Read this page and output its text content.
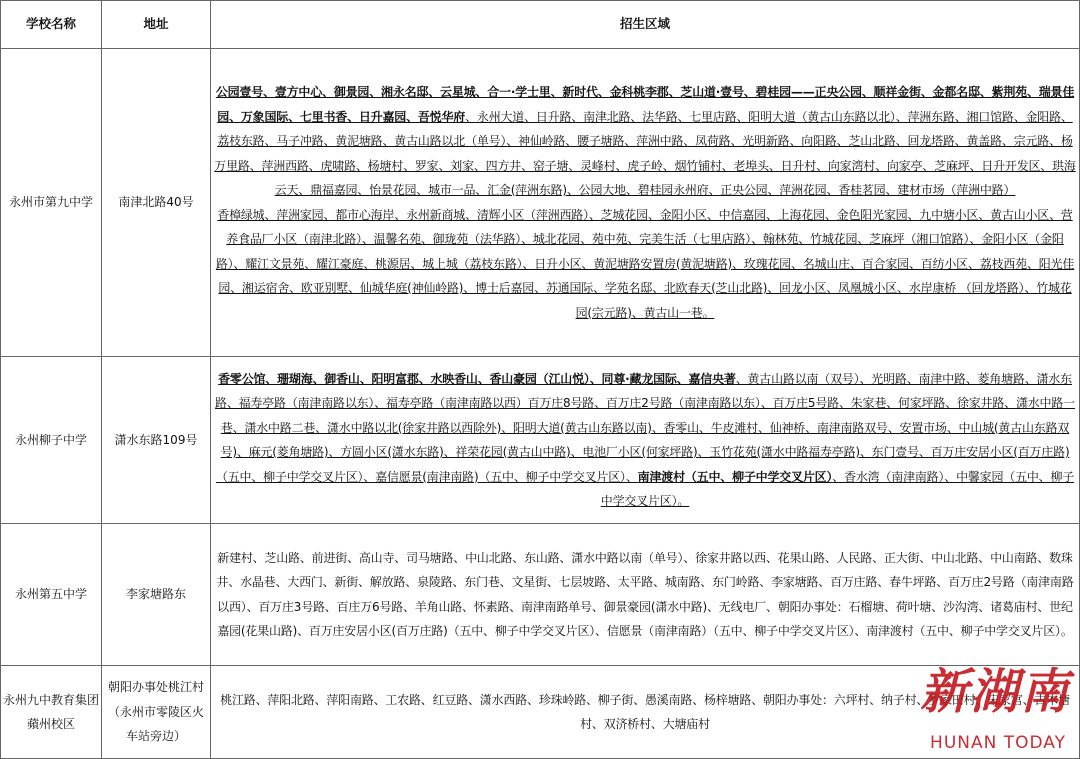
学校名称	地址	招生区域
永州市第九中学	南津北路40号	公园壹号、壹方中心、御景园、湘永名邸、云星城、合一·学士里、新时代、金科桃李郡、芝山道·壹号、碧桂园——正央公园、顺祥金街、金都名邸、紫荆苑、瑞景佳园、万象国际、七里书香、日升嘉园、吾悦华府、永州大道、日升路、南津北路、法华路、七里店路、阳明大道（黄古山东路以北）、萍洲东路、湘口馆路、金阳路、荔枝东路、马子冲路、黄泥塘路、黄古山路以北（单号）、神仙岭路、腰子塘路、萍洲中路、凤荷路、光明新路、向阳路、芝山北路、回龙塔路、黄盖路、宗元路、杨万里路、萍洲西路、虎啸路、杨塘村、罗家、刘家、四方井、窑子塘、灵峰村、虎子岭、烟竹铺村、老埠头、日升村、向家湾村、向家亭、芝麻坪、日升开发区、珙海云天、鼎福嘉园、怡景花园、城市一品、汇金(萍洲东路)、公园大地、碧桂园永州府、正央公园、萍洲花园、香桂茗园、建材市场（萍洲中路）

香樟绿城、萍洲家园、都市心海岸、永州新商城、清辉小区（萍洲西路）、芝城花园、金阳小区、中信嘉园、上海花园、金色阳光家园、九中塘小区、黄古山小区、营养食品厂小区（南津北路）、温馨名苑、御珑苑（法华路）、城北花园、苑中苑、完美生活（七里店路）、翰林苑、竹城花园、芝麻坪（湘口馆路）、金阳小区（金阳路）、耀江文景苑、耀江豪庭、桃源居、城上城（荔枝东路）、日升小区、黄泥塘路安置房(黄泥塘路)、玫瑰花园、名城山庄、百合家园、百纺小区、荔枝西苑、阳光佳园、湘运宿舍、欧亚别墅、仙城华庭(神仙岭路)、博士后嘉园、苏通国际、学苑名邸、北欧春天(芝山北路)、回龙小区、凤凰城小区、水岸康桥 （回龙塔路）、竹城花园(宗元路)、黄古山一巷。

永州柳子中学	潇水东路109号	香零公馆、珊瑚海、御香山、阳明富郡、水映香山、香山豪园（江山悦）、同尊·藏龙国际、嘉信央著、黄古山路以南（双号）、光明路、南津中路、菱角塘路、潇水东路、福寿亭路（南津南路以东）、福寿亭路（南津南路以西）百万庄8号路、百万庄2号路（南津南路以东）、百万庄5号路、朱家巷、何家坪路、徐家井路、潇水中路一巷、潇水中路二巷、潇水中路以北(徐家井路以西除外)、阳明大道(黄古山东路以南)、香零山、牛皮滩村、仙神桥、南津南路双号、安置市场、中山城(黄古山东路双号)、麻元(菱角塘路)、方圆小区(潇水东路)、祥荣花园(黄古山中路)、电池厂小区(何家坪路)、玉竹花苑(潇水中路福寿亭路)、东门壹号、百万庄安居小区(百万庄路)（五中、柳子中学交叉片区）、嘉信愿景(南津南路)（五中、柳子中学交叉片区）、南津渡村（五中、柳子中学交叉片区）、香水湾（南津南路）、中馨家园（五中、柳子中学交叉片区）。

永州第五中学	李家塘路东	新建村、芝山路、前进街、高山寺、司马塘路、中山北路、东山路、潇水中路以南（单号）、徐家井路以西、花果山路、人民路、正大街、中山北路、中山南路、数珠井、水晶巷、大西门、新街、解放路、泉陵路、东门巷、文星街、七层坡路、太平路、城南路、东门岭路、李家塘路、百万庄路、春牛坪路、百万庄2号路（南津南路以西）、百万庄3号路、百庄万6号路、羊角山路、怀素路、南津南路单号、御景豪园(潇水中路)、无线电厂、朝阳办事处：石榴塘、荷叶塘、沙沟湾、诸葛庙村、世纪嘉园(花果山路)、百万庄安居小区(百万庄路)（五中、柳子中学交叉片区）、信愿景（南津南路）（五中、柳子中学交叉片区）、南津渡村（五中、柳子中学交叉片区）。

永州九中教育集团蘋州校区	朝阳办事处桃江村（永州市零陵区火车站旁边）	桃江路、萍阳北路、萍阳南路、工农路、红豆路、潇水西路、珍珠岭路、柳子街、愚溪南路、杨梓塘路、朝阳办事处：六坪村、纳子村、罗家田村、宋家宫、古木塘村、双济桥村、大塘庙村

新湖南
HUNAN TODAY
